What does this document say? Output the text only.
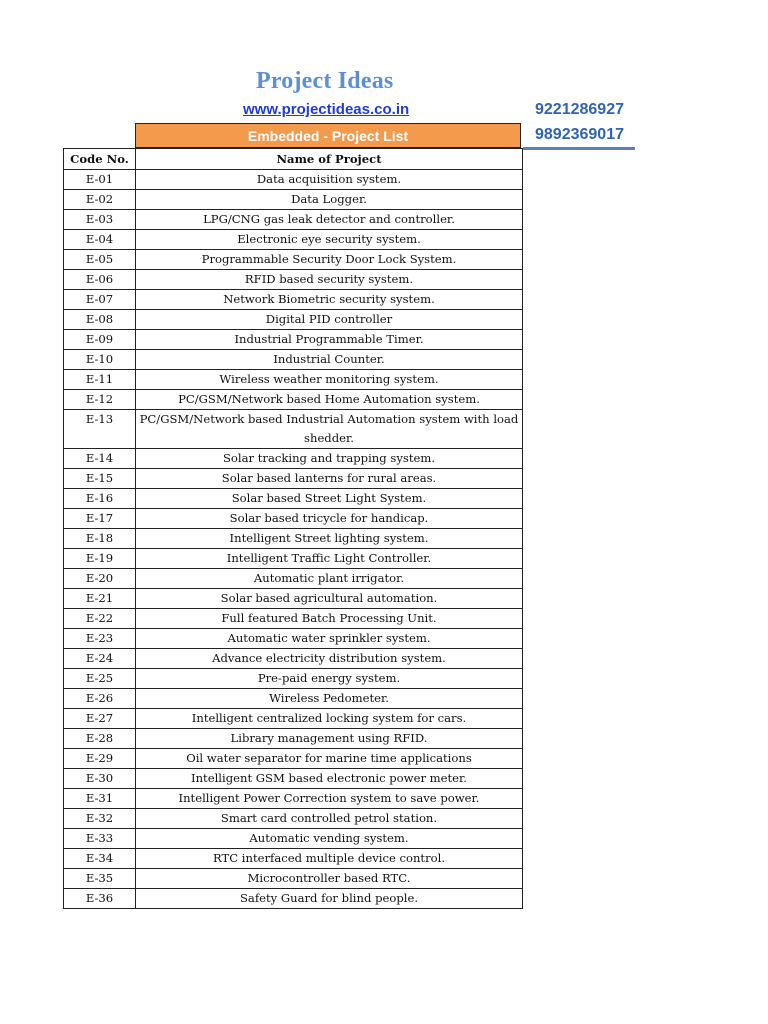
Project Ideas
www.projectideas.co.in	9221286927
9892369017
Embedded - Project List
Code No.	Name of Project
E-01	Data acquisition system.
E-02	Data Logger.
E-03	LPG/CNG gas leak detector and controller.
E-04	Electronic eye security system.
E-05	Programmable Security Door Lock System.
E-06	RFID based security system.
E-07	Network Biometric security system.
E-08	Digital PID controller
E-09	Industrial Programmable Timer.
E-10	Industrial Counter.
E-11	Wireless weather monitoring system.
E-12	PC/GSM/Network based Home Automation system.
E-13	PC/GSM/Network based Industrial Automation system with load shedder.
E-14	Solar tracking and trapping system.
E-15	Solar based lanterns for rural areas.
E-16	Solar based Street Light System.
E-17	Solar based tricycle for handicap.
E-18	Intelligent Street lighting system.
E-19	Intelligent Traffic Light Controller.
E-20	Automatic plant irrigator.
E-21	Solar based agricultural automation.
E-22	Full featured Batch Processing Unit.
E-23	Automatic water sprinkler system.
E-24	Advance electricity distribution system.
E-25	Pre-paid energy system.
E-26	Wireless Pedometer.
E-27	Intelligent centralized locking system for cars.
E-28	Library management using RFID.
E-29	Oil water separator for marine time applications
E-30	Intelligent GSM based electronic power meter.
E-31	Intelligent Power Correction system to save power.
E-32	Smart card controlled petrol station.
E-33	Automatic vending system.
E-34	RTC interfaced multiple device control.
E-35	Microcontroller based RTC.
E-36	Safety Guard for blind people.
